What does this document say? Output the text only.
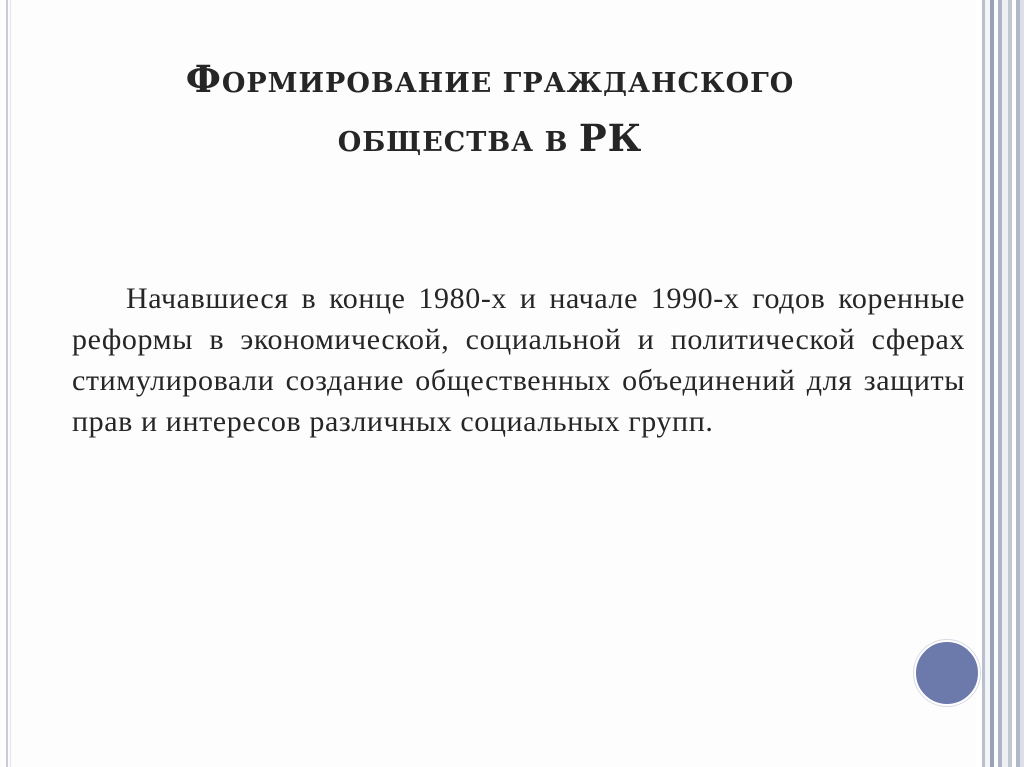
ФОРМИРОВАНИЕ ГРАЖДАНСКОГО
ОБЩЕСТВА В РК
Начавшиеся в конце 1980-х и начале 1990-х годов коренные реформы в экономической, социальной и политической сферах стимулировали создание общественных объединений для защиты прав и интересов различных социальных групп.
